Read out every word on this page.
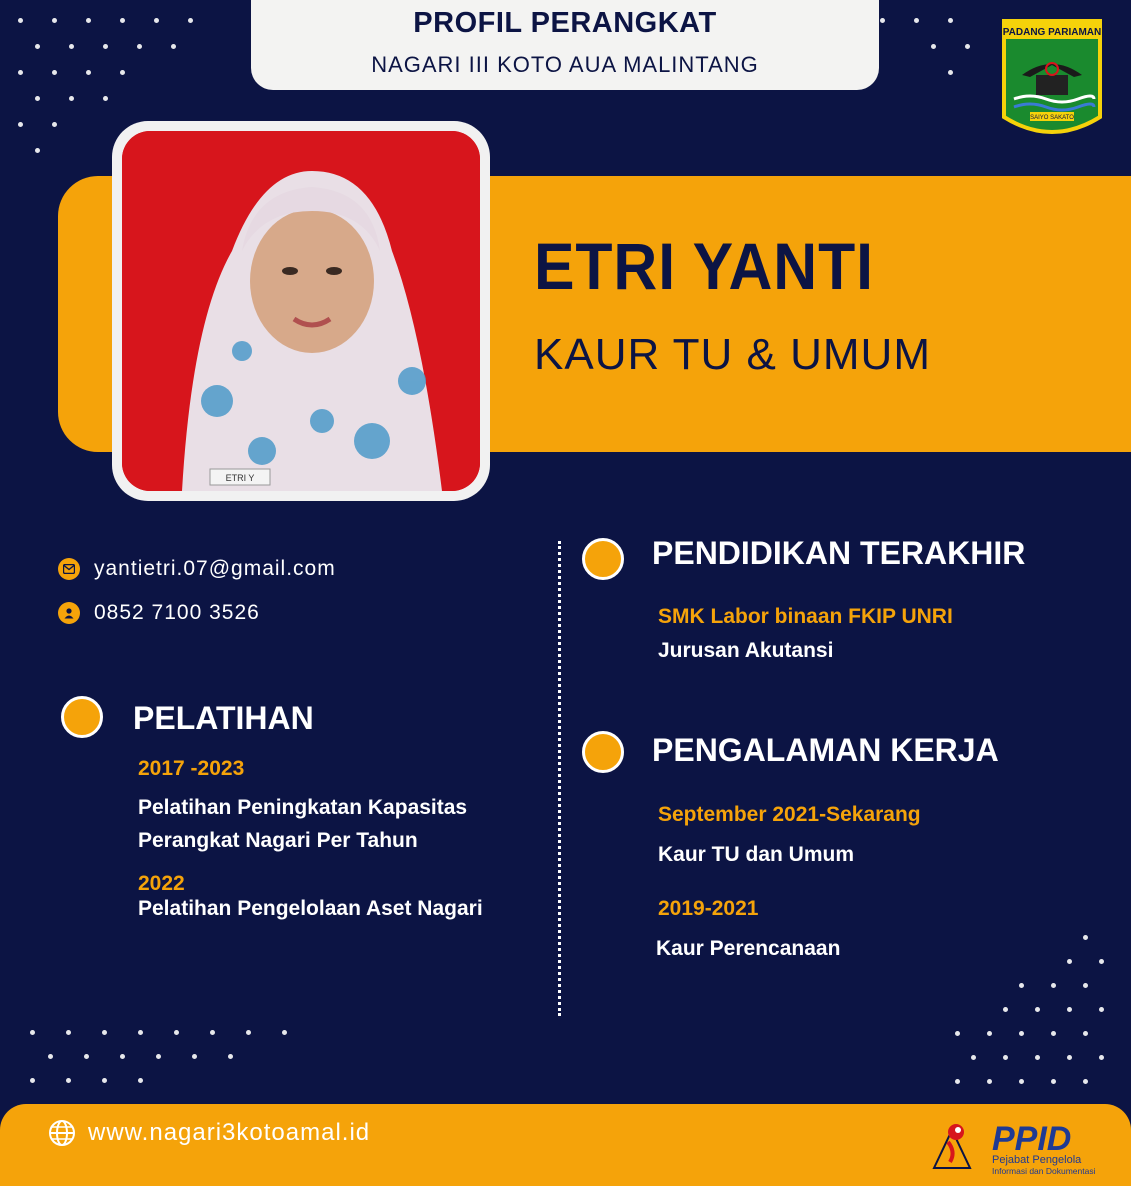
PROFIL PERANGKAT
NAGARI III KOTO AUA MALINTANG
PADANG PARIAMAN
SAIYO SAKATO
ETRI Y
ETRI YANTI
KAUR TU & UMUM
yantietri.07@gmail.com
0852 7100 3526
PELATIHAN
2017 -2023
Pelatihan Peningkatan Kapasitas
Perangkat Nagari Per Tahun
2022
Pelatihan Pengelolaan Aset Nagari
PENDIDIKAN TERAKHIR
SMK Labor binaan FKIP UNRI
Jurusan Akutansi
PENGALAMAN KERJA
September 2021-Sekarang
Kaur TU dan Umum
2019-2021
Kaur Perencanaan
www.nagari3kotoamal.id	PPID
Pejabat Pengelola
Informasi dan Dokumentasi
